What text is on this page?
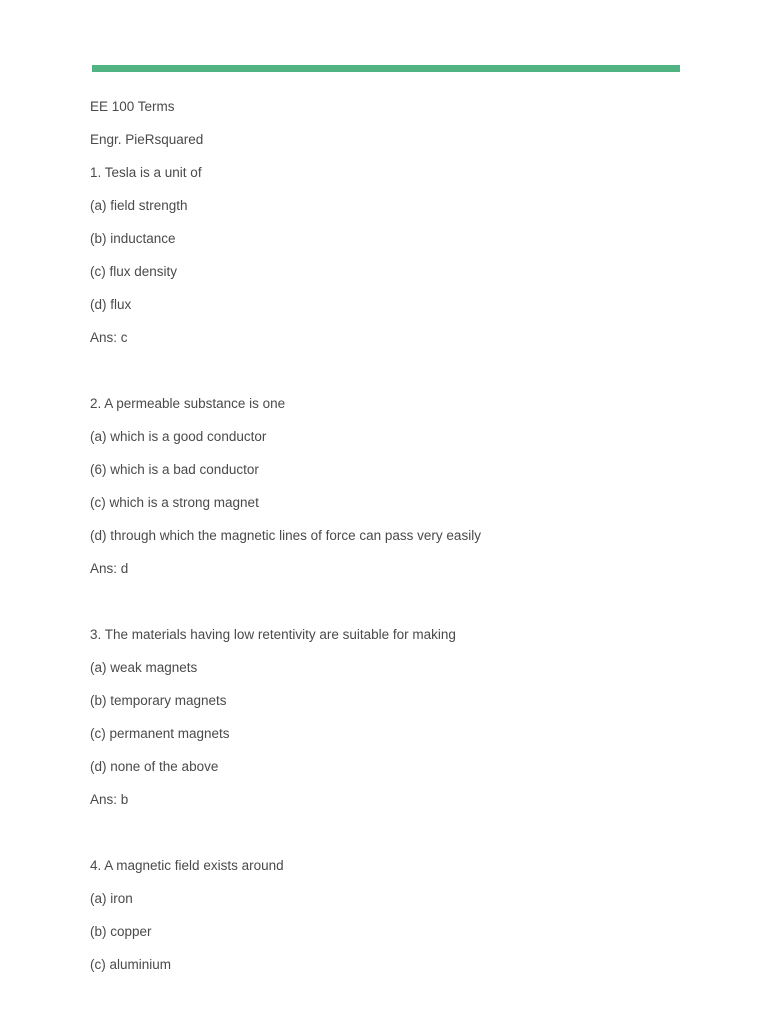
EE 100 Terms
Engr. PieRsquared
1. Tesla is a unit of
(a) field strength
(b) inductance
(c) flux density
(d) flux
Ans: c
2. A permeable substance is one
(a) which is a good conductor
(6) which is a bad conductor
(c) which is a strong magnet
(d) through which the magnetic lines of force can pass very easily
Ans: d
3. The materials having low retentivity are suitable for making
(a) weak magnets
(b) temporary magnets
(c) permanent magnets
(d) none of the above
Ans: b
4. A magnetic field exists around
(a) iron
(b) copper
(c) aluminium
